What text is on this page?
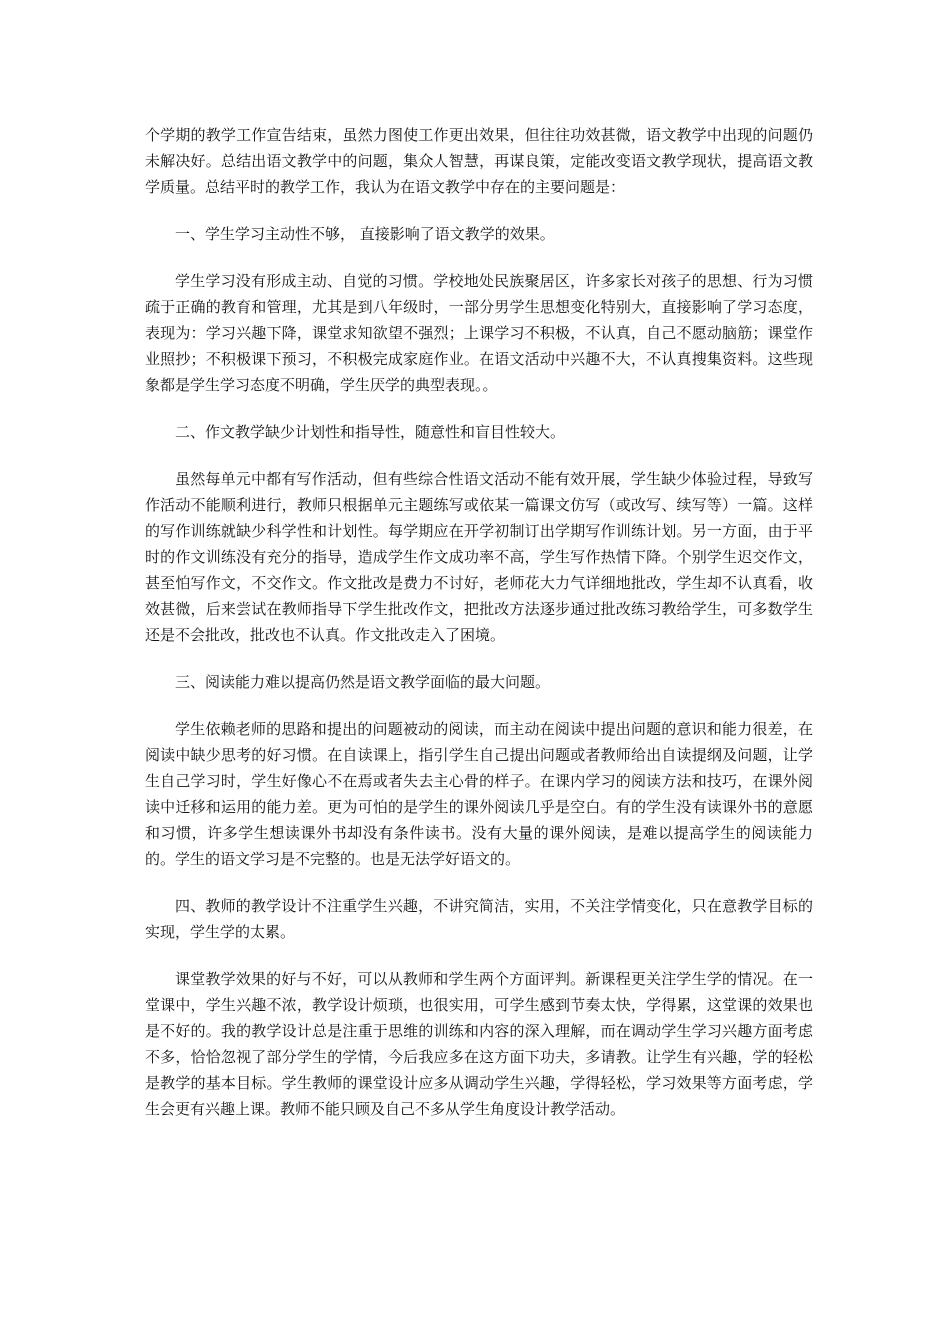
个学期的教学工作宣告结束，虽然力图使工作更出效果，但往往功效甚微，语文教学中出现的问题仍未解决好。总结出语文教学中的问题，集众人智慧，再谋良策，定能改变语文教学现状，提高语文教学质量。总结平时的教学工作，我认为在语文教学中存在的主要问题是：

一、学生学习主动性不够， 直接影响了语文教学的效果。

学生学习没有形成主动、自觉的习惯。学校地处民族聚居区，许多家长对孩子的思想、行为习惯疏于正确的教育和管理，尤其是到八年级时，一部分男学生思想变化特别大，直接影响了学习态度，表现为：学习兴趣下降，课堂求知欲望不强烈；上课学习不积极，不认真，自己不愿动脑筋；课堂作业照抄；不积极课下预习，不积极完成家庭作业。在语文活动中兴趣不大，不认真搜集资料。这些现象都是学生学习态度不明确，学生厌学的典型表现。。

二、作文教学缺少计划性和指导性，随意性和盲目性较大。

虽然每单元中都有写作活动，但有些综合性语文活动不能有效开展，学生缺少体验过程，导致写作活动不能顺利进行，教师只根据单元主题练写或依某一篇课文仿写（或改写、续写等）一篇。这样的写作训练就缺少科学性和计划性。每学期应在开学初制订出学期写作训练计划。另一方面，由于平时的作文训练没有充分的指导，造成学生作文成功率不高，学生写作热情下降。个别学生迟交作文，甚至怕写作文，不交作文。作文批改是费力不讨好，老师花大力气详细地批改，学生却不认真看，收效甚微，后来尝试在教师指导下学生批改作文，把批改方法逐步通过批改练习教给学生，可多数学生还是不会批改，批改也不认真。作文批改走入了困境。

三、阅读能力难以提高仍然是语文教学面临的最大问题。

学生依赖老师的思路和提出的问题被动的阅读，而主动在阅读中提出问题的意识和能力很差，在阅读中缺少思考的好习惯。在自读课上，指引学生自己提出问题或者教师给出自读提纲及问题，让学生自己学习时，学生好像心不在焉或者失去主心骨的样子。在课内学习的阅读方法和技巧，在课外阅读中迁移和运用的能力差。更为可怕的是学生的课外阅读几乎是空白。有的学生没有读课外书的意愿和习惯，许多学生想读课外书却没有条件读书。没有大量的课外阅读，是难以提高学生的阅读能力的。学生的语文学习是不完整的。也是无法学好语文的。

四、教师的教学设计不注重学生兴趣，不讲究简洁，实用，不关注学情变化，只在意教学目标的实现，学生学的太累。

课堂教学效果的好与不好，可以从教师和学生两个方面评判。新课程更关注学生学的情况。在一堂课中，学生兴趣不浓，教学设计烦琐，也很实用，可学生感到节奏太快，学得累，这堂课的效果也是不好的。我的教学设计总是注重于思维的训练和内容的深入理解，而在调动学生学习兴趣方面考虑不多，恰恰忽视了部分学生的学情，今后我应多在这方面下功夫，多请教。让学生有兴趣，学的轻松是教学的基本目标。学生教师的课堂设计应多从调动学生兴趣，学得轻松，学习效果等方面考虑，学生会更有兴趣上课。教师不能只顾及自己不多从学生角度设计教学活动。
